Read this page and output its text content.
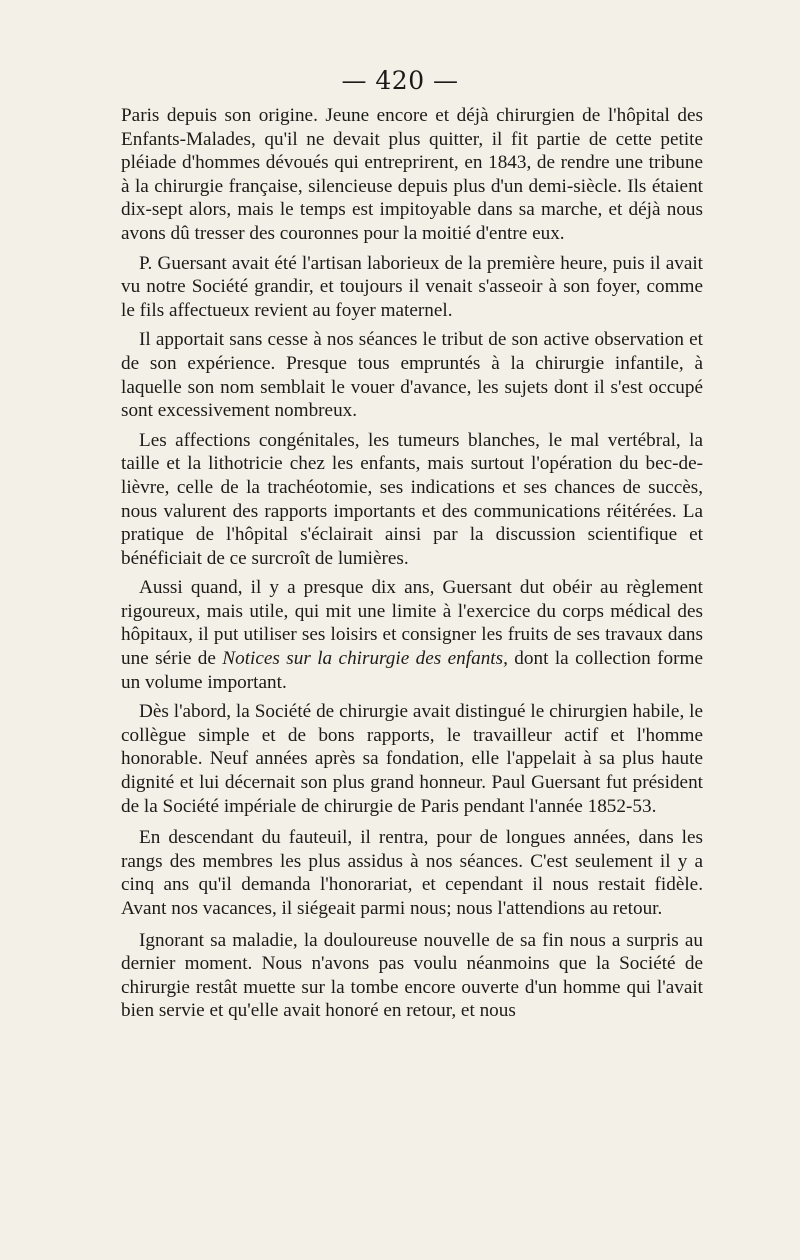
— 420 —

Paris depuis son origine. Jeune encore et déjà chirurgien de l'hôpital des Enfants-Malades, qu'il ne devait plus quitter, il fit partie de cette petite pléiade d'hommes dévoués qui entreprirent, en 1843, de rendre une tribune à la chirurgie française, silencieuse depuis plus d'un demi-siècle. Ils étaient dix-sept alors, mais le temps est impitoyable dans sa marche, et déjà nous avons dû tresser des couronnes pour la moitié d'entre eux.

P. Guersant avait été l'artisan laborieux de la première heure, puis il avait vu notre Société grandir, et toujours il venait s'asseoir à son foyer, comme le fils affectueux revient au foyer maternel.

Il apportait sans cesse à nos séances le tribut de son active observation et de son expérience. Presque tous empruntés à la chirurgie infantile, à laquelle son nom semblait le vouer d'avance, les sujets dont il s'est occupé sont excessivement nombreux.

Les affections congénitales, les tumeurs blanches, le mal vertébral, la taille et la lithotricie chez les enfants, mais surtout l'opération du bec-de-lièvre, celle de la trachéotomie, ses indications et ses chances de succès, nous valurent des rapports importants et des communications réitérées. La pratique de l'hôpital s'éclairait ainsi par la discussion scientifique et bénéficiait de ce surcroît de lumières.

Aussi quand, il y a presque dix ans, Guersant dut obéir au règlement rigoureux, mais utile, qui mit une limite à l'exercice du corps médical des hôpitaux, il put utiliser ses loisirs et consigner les fruits de ses travaux dans une série de Notices sur la chirurgie des enfants, dont la collection forme un volume important.

Dès l'abord, la Société de chirurgie avait distingué le chirurgien habile, le collègue simple et de bons rapports, le travailleur actif et l'homme honorable. Neuf années après sa fondation, elle l'appelait à sa plus haute dignité et lui décernait son plus grand honneur. Paul Guersant fut président de la Société impériale de chirurgie de Paris pendant l'année 1852-53.

En descendant du fauteuil, il rentra, pour de longues années, dans les rangs des membres les plus assidus à nos séances. C'est seulement il y a cinq ans qu'il demanda l'honorariat, et cependant il nous restait fidèle. Avant nos vacances, il siégeait parmi nous; nous l'attendions au retour.

Ignorant sa maladie, la douloureuse nouvelle de sa fin nous a surpris au dernier moment. Nous n'avons pas voulu néanmoins que la Société de chirurgie restât muette sur la tombe encore ouverte d'un homme qui l'avait bien servie et qu'elle avait honoré en retour, et nous
